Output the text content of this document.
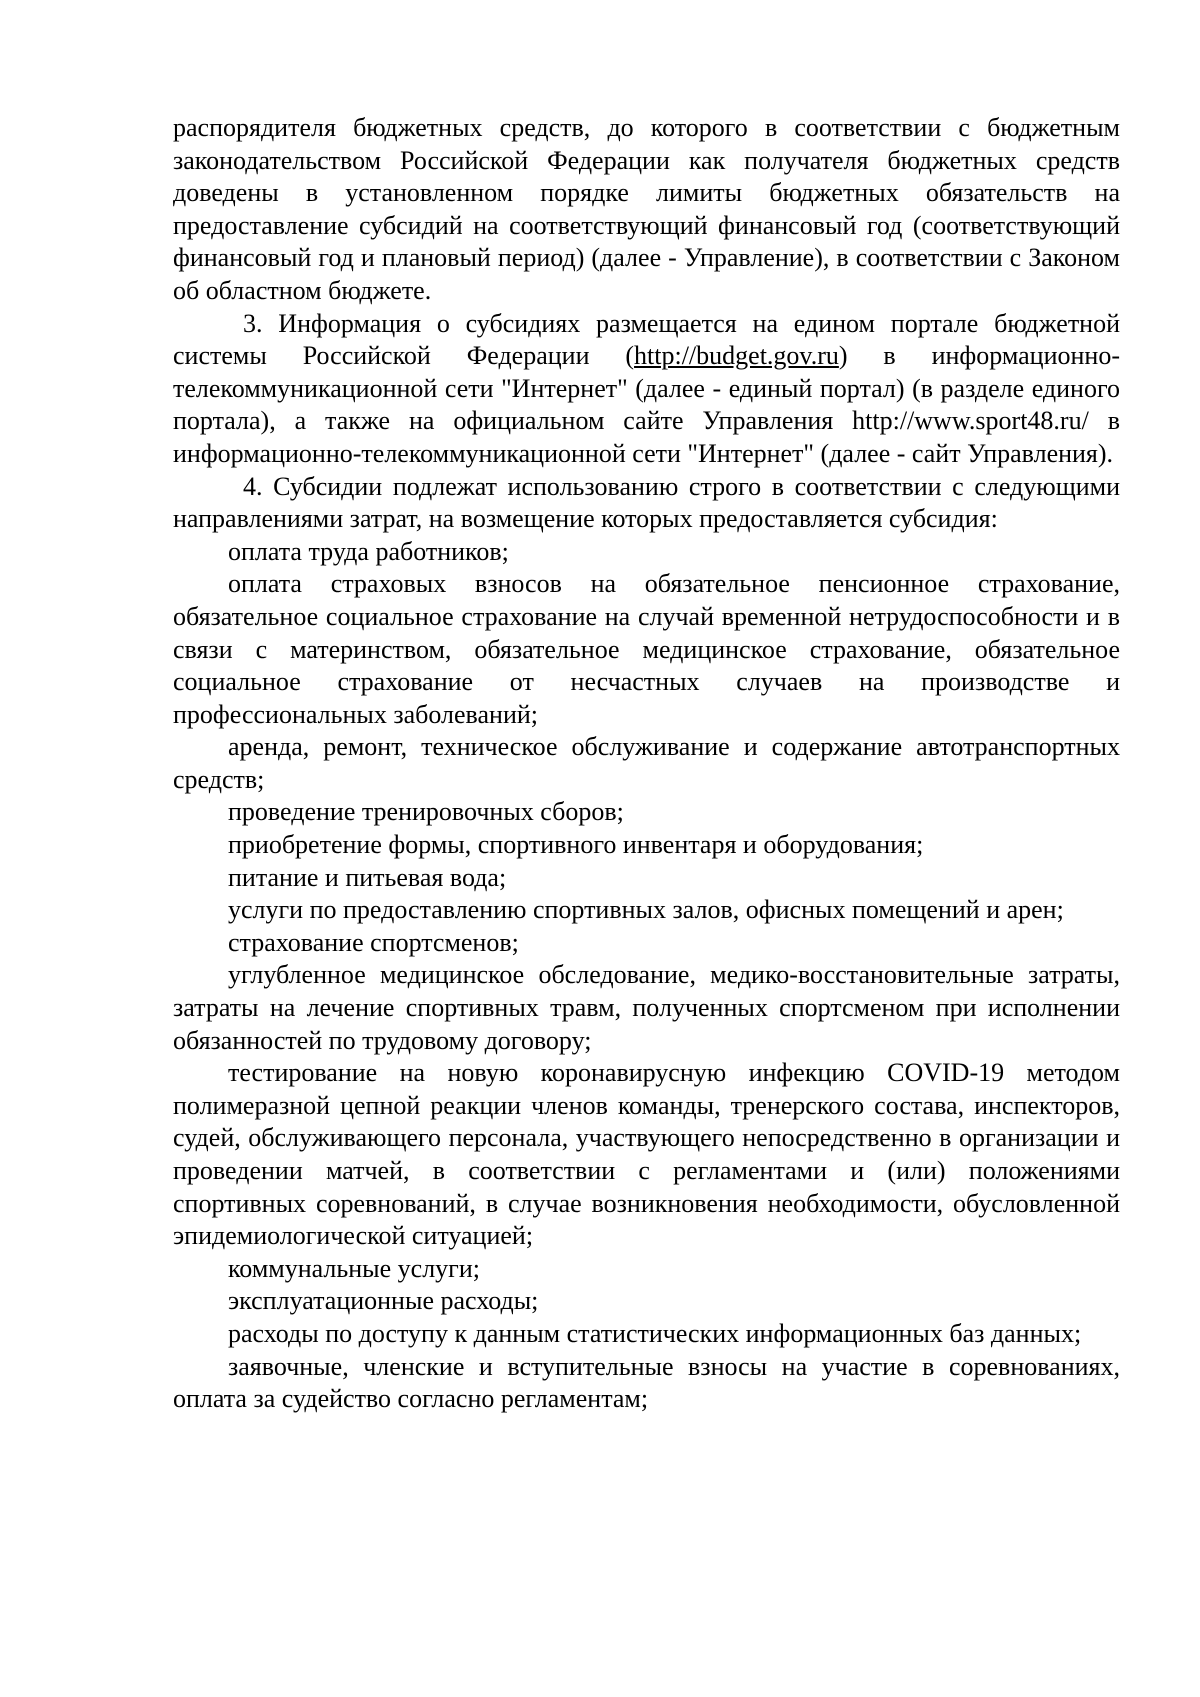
распорядителя бюджетных средств, до которого в соответствии с бюджетным законодательством Российской Федерации как получателя бюджетных средств доведены в установленном порядке лимиты бюджетных обязательств на предоставление субсидий на соответствующий финансовый год (соответствующий финансовый год и плановый период) (далее - Управление), в соответствии с Законом об областном бюджете.

3. Информация о субсидиях размещается на едином портале бюджетной системы Российской Федерации (http://budget.gov.ru) в информационно-телекоммуникационной сети "Интернет" (далее - единый портал) (в разделе единого портала), а также на официальном сайте Управления http://www.sport48.ru/ в информационно-телекоммуникационной сети "Интернет" (далее - сайт Управления).

4. Субсидии подлежат использованию строго в соответствии с следующими направлениями затрат, на возмещение которых предоставляется субсидия:

оплата труда работников;

оплата страховых взносов на обязательное пенсионное страхование, обязательное социальное страхование на случай временной нетрудоспособности и в связи с материнством, обязательное медицинское страхование, обязательное социальное страхование от несчастных случаев на производстве и профессиональных заболеваний;

аренда, ремонт, техническое обслуживание и содержание автотранспортных средств;

проведение тренировочных сборов;

приобретение формы, спортивного инвентаря и оборудования;

питание и питьевая вода;

услуги по предоставлению спортивных залов, офисных помещений и арен;

страхование спортсменов;

углубленное медицинское обследование, медико-восстановительные затраты, затраты на лечение спортивных травм, полученных спортсменом при исполнении обязанностей по трудовому договору;

тестирование на новую коронавирусную инфекцию COVID-19 методом полимеразной цепной реакции членов команды, тренерского состава, инспекторов, судей, обслуживающего персонала, участвующего непосредственно в организации и проведении матчей, в соответствии с регламентами и (или) положениями спортивных соревнований, в случае возникновения необходимости, обусловленной эпидемиологической ситуацией;

коммунальные услуги;

эксплуатационные расходы;

расходы по доступу к данным статистических информационных баз данных;

заявочные, членские и вступительные взносы на участие в соревнованиях, оплата за судейство согласно регламентам;
